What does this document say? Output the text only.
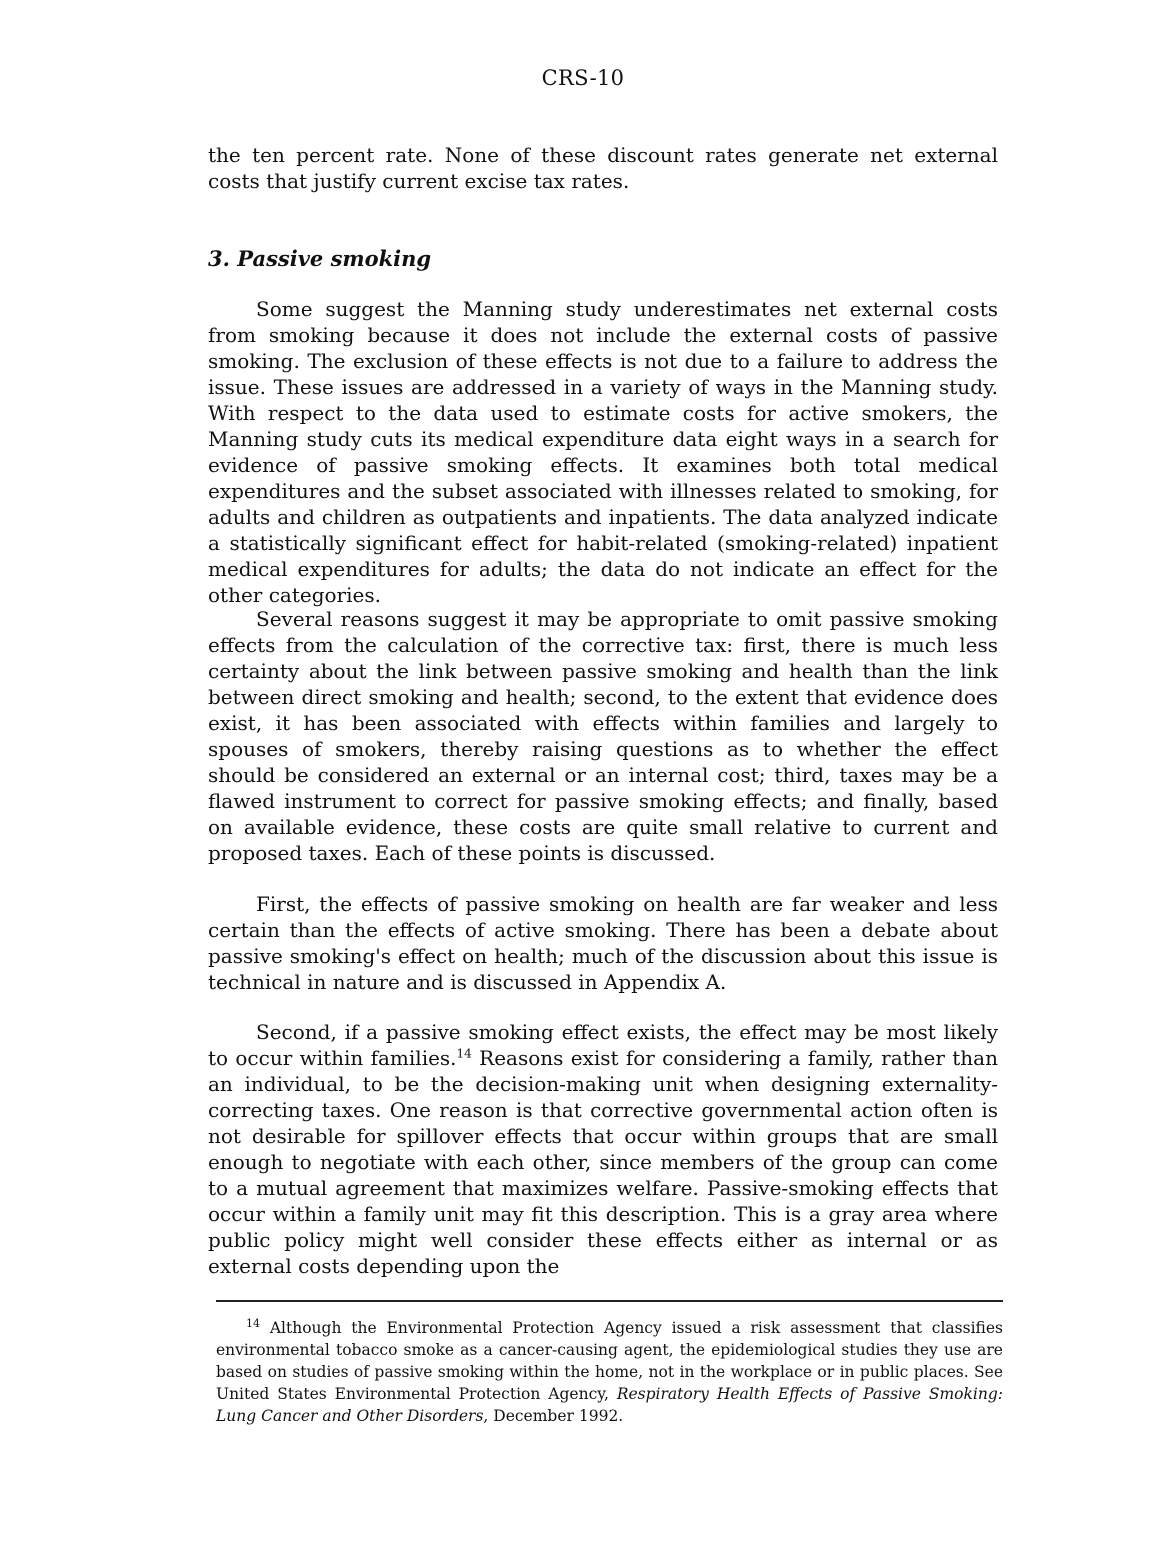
CRS-10

the ten percent rate. None of these discount rates generate net external costs that justify current excise tax rates.

3. Passive smoking

Some suggest the Manning study underestimates net external costs from smoking because it does not include the external costs of passive smoking. The exclusion of these effects is not due to a failure to address the issue. These issues are addressed in a variety of ways in the Manning study. With respect to the data used to estimate costs for active smokers, the Manning study cuts its medical expenditure data eight ways in a search for evidence of passive smoking effects. It examines both total medical expenditures and the subset associated with illnesses related to smoking, for adults and children as outpatients and inpatients. The data analyzed indicate a statistically significant effect for habit-related (smoking-related) inpatient medical expenditures for adults; the data do not indicate an effect for the other categories.

Several reasons suggest it may be appropriate to omit passive smoking effects from the calculation of the corrective tax: first, there is much less certainty about the link between passive smoking and health than the link between direct smoking and health; second, to the extent that evidence does exist, it has been associated with effects within families and largely to spouses of smokers, thereby raising questions as to whether the effect should be considered an external or an internal cost; third, taxes may be a flawed instrument to correct for passive smoking effects; and finally, based on available evidence, these costs are quite small relative to current and proposed taxes. Each of these points is discussed.

First, the effects of passive smoking on health are far weaker and less certain than the effects of active smoking. There has been a debate about passive smoking's effect on health; much of the discussion about this issue is technical in nature and is discussed in Appendix A.

Second, if a passive smoking effect exists, the effect may be most likely to occur within families.$^{14}$ Reasons exist for considering a family, rather than an individual, to be the decision-making unit when designing externality-correcting taxes. One reason is that corrective governmental action often is not desirable for spillover effects that occur within groups that are small enough to negotiate with each other, since members of the group can come to a mutual agreement that maximizes welfare. Passive-smoking effects that occur within a family unit may fit this description. This is a gray area where public policy might well consider these effects either as internal or as external costs depending upon the

$^{14}$ Although the Environmental Protection Agency issued a risk assessment that classifies environmental tobacco smoke as a cancer-causing agent, the epidemiological studies they use are based on studies of passive smoking within the home, not in the workplace or in public places. See United States Environmental Protection Agency, Respiratory Health Effects of Passive Smoking: Lung Cancer and Other Disorders, December 1992.
